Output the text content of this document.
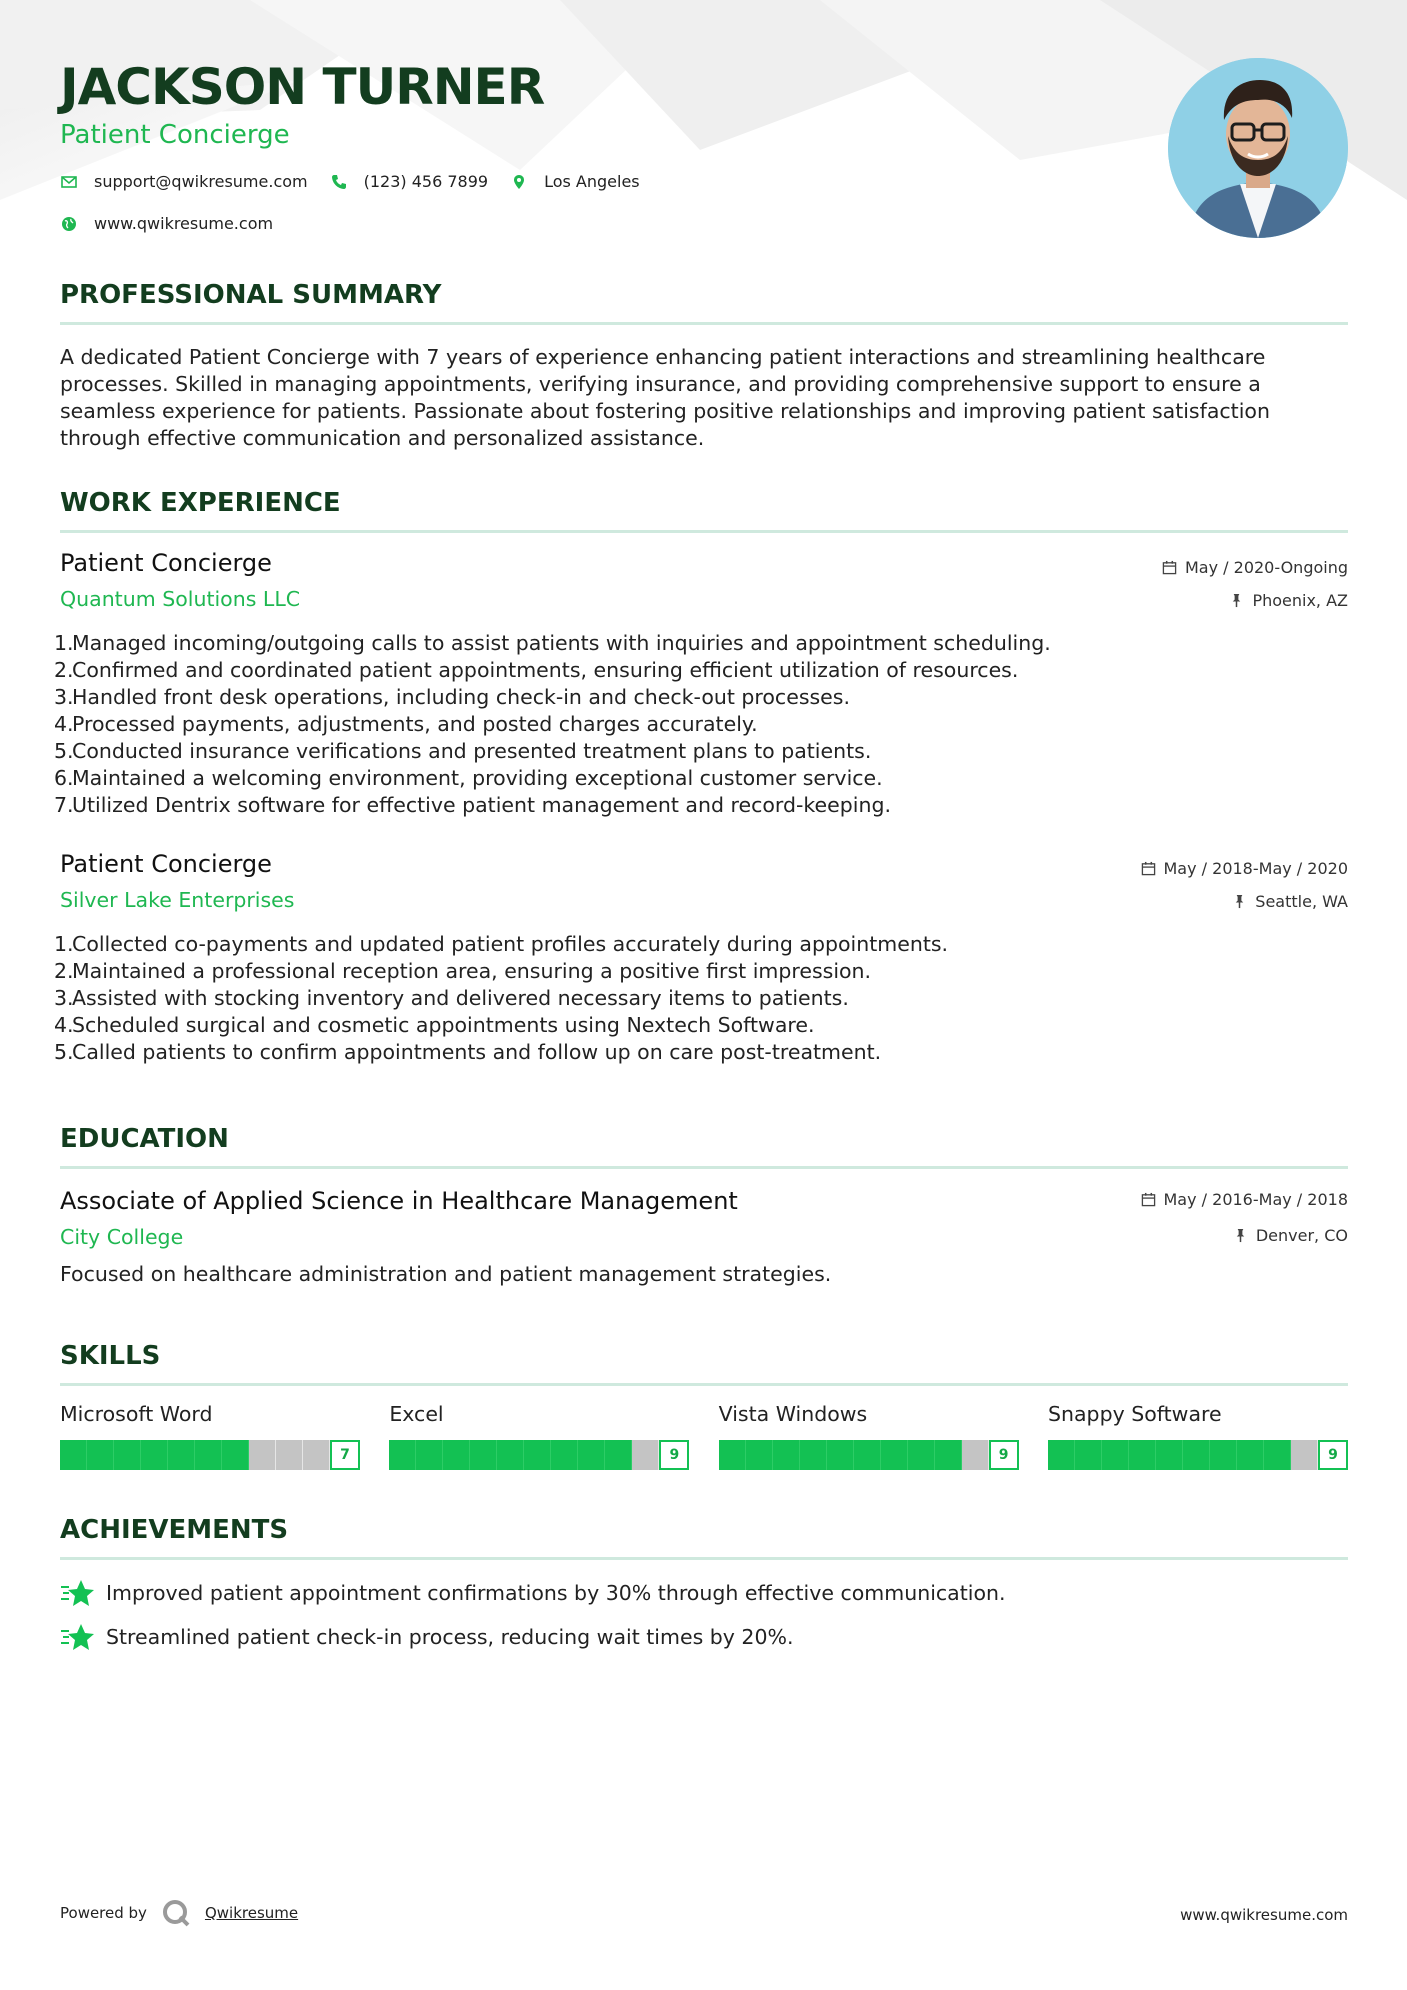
JACKSON TURNER
Patient Concierge
support@qwikresume.com	(123) 456 7899	Los Angeles
www.qwikresume.com
PROFESSIONAL SUMMARY
A dedicated Patient Concierge with 7 years of experience enhancing patient interactions and streamlining healthcare processes. Skilled in managing appointments, verifying insurance, and providing comprehensive support to ensure a seamless experience for patients. Passionate about fostering positive relationships and improving patient satisfaction through effective communication and personalized assistance.
WORK EXPERIENCE
Patient Concierge
Quantum Solutions LLC
May / 2020-Ongoing
Phoenix, AZ
1.
Managed incoming/outgoing calls to assist patients with inquiries and appointment scheduling.
2.
Confirmed and coordinated patient appointments, ensuring efficient utilization of resources.
3.
Handled front desk operations, including check-in and check-out processes.
4.
Processed payments, adjustments, and posted charges accurately.
5.
Conducted insurance verifications and presented treatment plans to patients.
6.
Maintained a welcoming environment, providing exceptional customer service.
7.
Utilized Dentrix software for effective patient management and record-keeping.
Patient Concierge
Silver Lake Enterprises
May / 2018-May / 2020
Seattle, WA
1.
Collected co-payments and updated patient profiles accurately during appointments.
2.
Maintained a professional reception area, ensuring a positive first impression.
3.
Assisted with stocking inventory and delivered necessary items to patients.
4.
Scheduled surgical and cosmetic appointments using Nextech Software.
5.
Called patients to confirm appointments and follow up on care post-treatment.
EDUCATION
Associate of Applied Science in Healthcare Management
City College
May / 2016-May / 2018
Denver, CO
Focused on healthcare administration and patient management strategies.
SKILLS
Microsoft Word
7
Excel
9
Vista Windows
9
Snappy Software
9
ACHIEVEMENTS
Improved patient appointment confirmations by 30% through effective communication.
Streamlined patient check-in process, reducing wait times by 20%.
Powered by	Qwikresume	www.qwikresume.com
